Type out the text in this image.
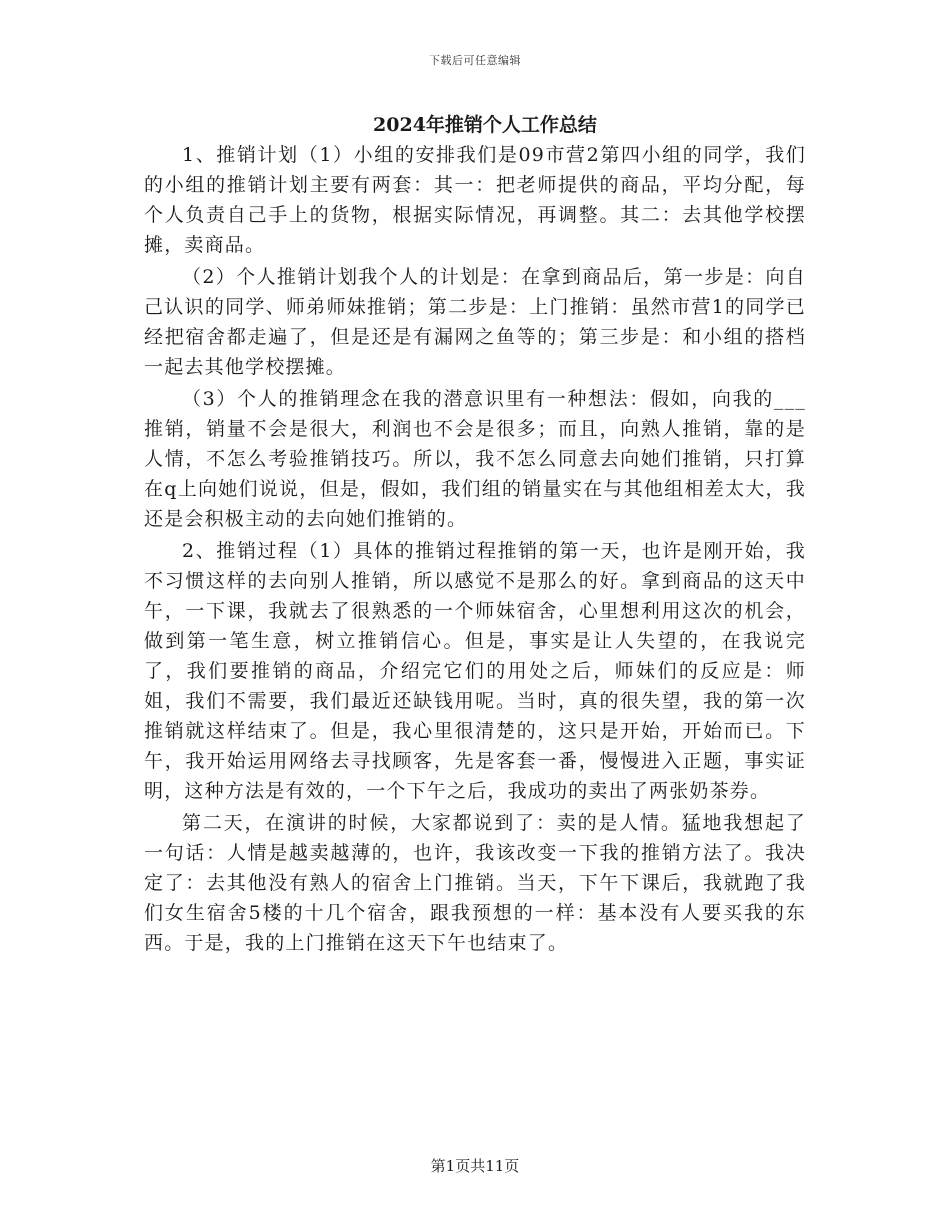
下载后可任意编辑
2024年推销个人工作总结

1、推销计划（1）小组的安排我们是09市营2第四小组的同学，我们的小组的推销计划主要有两套：其一：把老师提供的商品，平均分配，每个人负责自己手上的货物，根据实际情况，再调整。其二：去其他学校摆摊，卖商品。

（2）个人推销计划我个人的计划是：在拿到商品后，第一步是：向自己认识的同学、师弟师妹推销；第二步是：上门推销：虽然市营1的同学已经把宿舍都走遍了，但是还是有漏网之鱼等的；第三步是：和小组的搭档一起去其他学校摆摊。

（3）个人的推销理念在我的潜意识里有一种想法：假如，向我的___推销，销量不会是很大，利润也不会是很多；而且，向熟人推销，靠的是人情，不怎么考验推销技巧。所以，我不怎么同意去向她们推销，只打算在q上向她们说说，但是，假如，我们组的销量实在与其他组相差太大，我还是会积极主动的去向她们推销的。

2、推销过程（1）具体的推销过程推销的第一天，也许是刚开始，我不习惯这样的去向别人推销，所以感觉不是那么的好。拿到商品的这天中午，一下课，我就去了很熟悉的一个师妹宿舍，心里想利用这次的机会，做到第一笔生意，树立推销信心。但是，事实是让人失望的，在我说完了，我们要推销的商品，介绍完它们的用处之后，师妹们的反应是：师姐，我们不需要，我们最近还缺钱用呢。当时，真的很失望，我的第一次推销就这样结束了。但是，我心里很清楚的，这只是开始，开始而已。下午，我开始运用网络去寻找顾客，先是客套一番，慢慢进入正题，事实证明，这种方法是有效的，一个下午之后，我成功的卖出了两张奶茶券。

第二天，在演讲的时候，大家都说到了：卖的是人情。猛地我想起了一句话：人情是越卖越薄的，也许，我该改变一下我的推销方法了。我决定了：去其他没有熟人的宿舍上门推销。当天，下午下课后，我就跑了我们女生宿舍5楼的十几个宿舍，跟我预想的一样：基本没有人要买我的东西。于是，我的上门推销在这天下午也结束了。

第1页共11页
